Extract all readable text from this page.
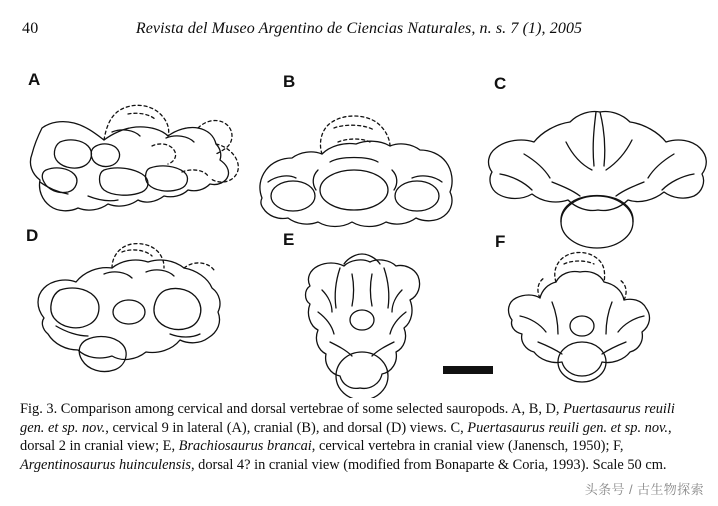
40	Revista del Museo Argentino de Ciencias Naturales, n. s. 7 (1), 2005
A	B	C
D	E	F
Fig. 3. Comparison among cervical and dorsal vertebrae of some selected sauropods. A, B, D, Puertasaurus reuili gen. et sp. nov., cervical 9 in lateral (A), cranial (B), and dorsal (D) views. C, Puertasaurus reuili gen. et sp. nov., dorsal 2 in cranial view; E, Brachiosaurus brancai, cervical vertebra in cranial view (Janensch, 1950); F, Argentinosaurus huinculensis, dorsal 4? in cranial view (modified from Bonaparte & Coria, 1993). Scale 50 cm.
头条号 / 古生物探索
